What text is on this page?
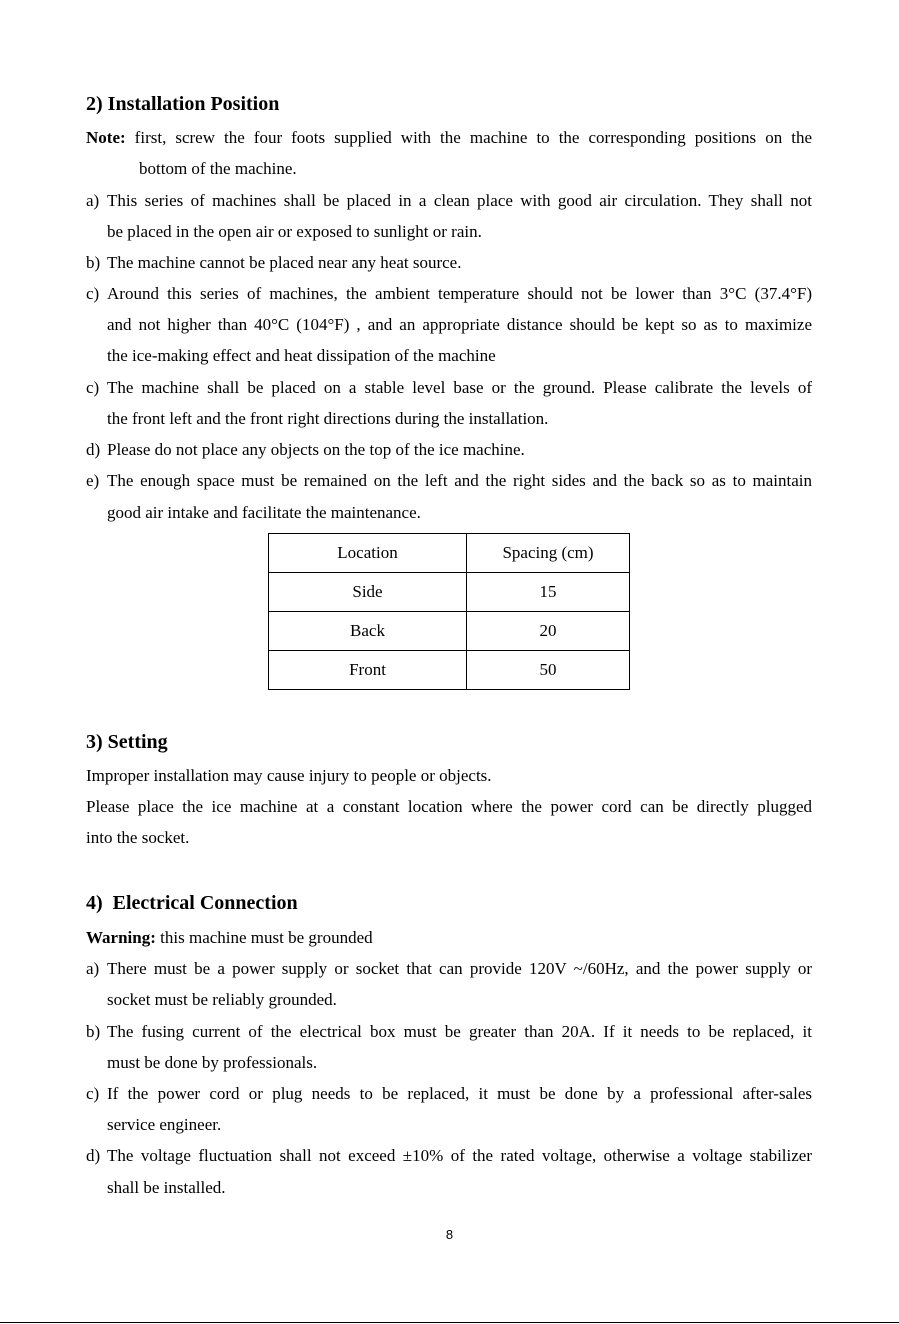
2) Installation Position
Note: first, screw the four foots supplied with the machine to the corresponding positions on the
bottom of the machine.
a) This series of machines shall be placed in a clean place with good air circulation. They shall not
be placed in the open air or exposed to sunlight or rain.
b) The machine cannot be placed near any heat source.
c) Around this series of machines, the ambient temperature should not be lower than 3°C (37.4°F)
and not higher than 40°C (104°F) , and an appropriate distance should be kept so as to maximize
the ice-making effect and heat dissipation of the machine
c) The machine shall be placed on a stable level base or the ground. Please calibrate the levels of
the front left and the front right directions during the installation.
d) Please do not place any objects on the top of the ice machine.
e) The enough space must be remained on the left and the right sides and the back so as to maintain
good air intake and facilitate the maintenance.
Location	Spacing (cm)
Side	15
Back	20
Front	50
3) Setting
Improper installation may cause injury to people or objects.
Please place the ice machine at a constant location where the power cord can be directly plugged
into the socket.
4)  Electrical Connection
Warning: this machine must be grounded
a) There must be a power supply or socket that can provide 120V ~/60Hz, and the power supply or
socket must be reliably grounded.
b) The fusing current of the electrical box must be greater than 20A. If it needs to be replaced, it
must be done by professionals.
c) If the power cord or plug needs to be replaced, it must be done by a professional after-sales
service engineer.
d) The voltage fluctuation shall not exceed ±10% of the rated voltage, otherwise a voltage stabilizer
shall be installed.
8
